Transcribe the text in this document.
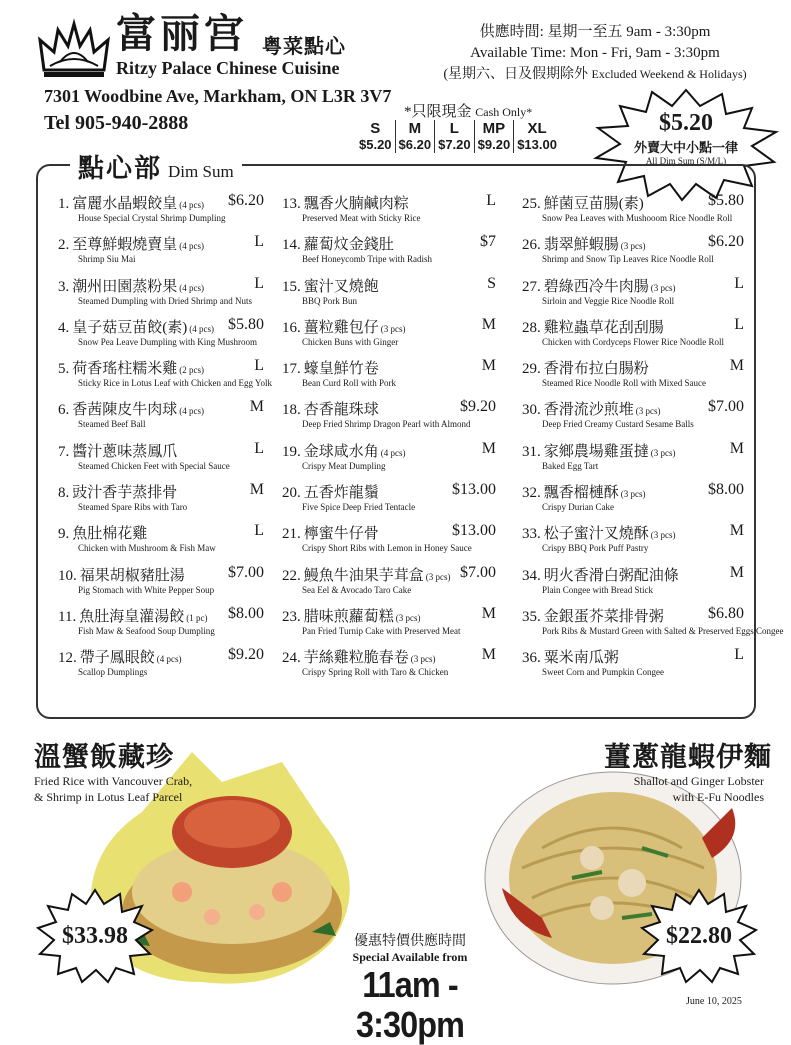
富丽宫 粤菜點心
Ritzy Palace Chinese Cuisine
7301 Woodbine Ave, Markham, ON L3R 3V7
Tel 905-940-2888
供應時間: 星期一至五 9am - 3:30pm
Available Time: Mon - Fri, 9am - 3:30pm
(星期六、日及假期除外 Excluded Weekend & Holidays)
*只限現金 Cash Only*
S
$5.20
M
$6.20
L
$7.20
MP
$9.20
XL
$13.00
$5.20
外賣大中小點一律
All Dim Sum (S/M/L)
點心部 Dim Sum
1. 富麗水晶蝦餃皇 (4 pcs) $6.20
House Special Crystal Shrimp Dumpling
2. 至尊鮮蝦燒賣皇 (4 pcs)	L
Shrimp Siu Mai
3. 潮州田園蒸粉果 (4 pcs)	L
Steamed Dumpling with Dried Shrimp and Nuts
4. 皇子菇豆苗餃(素) (4 pcs) $5.80
Snow Pea Leave Dumpling with King Mushroom
5. 荷香瑤柱糯米雞 (2 pcs)	L
Sticky Rice in Lotus Leaf with Chicken and Egg Yolk
6. 香茜陳皮牛肉球 (4 pcs)	M
Steamed Beef Ball
7. 醬汁蔥味蒸鳳爪	L
Steamed Chicken Feet with Special Sauce
8. 豉汁香芋蒸排骨	M
Steamed Spare Ribs with Taro
9. 魚肚棉花雞	L
Chicken with Mushroom & Fish Maw
10. 福果胡椒豬肚湯	$7.00
Pig Stomach with White Pepper Soup
11. 魚肚海皇灌湯餃 (1 pc) $8.00
Fish Maw & Seafood Soup Dumpling
12. 帶子鳳眼餃 (4 pcs)	$9.20
Scallop Dumplings
13. 飄香火腩鹹肉粽	L
Preserved Meat with Sticky Rice
14. 蘿蔔炆金錢肚	$7
Beef Honeycomb Tripe with Radish
15. 蜜汁叉燒飽	S
BBQ Pork Bun
16. 薑粒雞包仔 (3 pcs)	M
Chicken Buns with Ginger
17. 蠔皇鮮竹卷	M
Bean Curd Roll with Pork
18. 杏香龍珠球	$9.20
Deep Fried Shrimp Dragon Pearl with Almond
19. 金球咸水角 (4 pcs)	M
Crispy Meat Dumpling
20. 五香炸龍鬚	$13.00
Five Spice Deep Fried Tentacle
21. 檸蜜牛仔骨	$13.00
Crispy Short Ribs with Lemon in Honey Sauce
22. 鰻魚牛油果芋茸盒 (3 pcs) $7.00
Sea Eel & Avocado Taro Cake
23. 腊味煎蘿蔔糕 (3 pcs)	M
Pan Fried Turnip Cake with Preserved Meat
24. 芋絲雞粒脆春卷 (3 pcs)	M
Crispy Spring Roll with Taro & Chicken
25. 鮮菌豆苗腸(素)	$5.80
Snow Pea Leaves with Mushooom Rice Noodle Roll
26. 翡翠鮮蝦腸 (3 pcs)	$6.20
Shrimp and Snow Tip Leaves Rice Noodle Roll
27. 碧綠西冷牛肉腸 (3 pcs)	L
Sirloin and Veggie Rice Noodle Roll
28. 雞粒蟲草花刮刮腸	L
Chicken with Cordyceps Flower Rice Noodle Roll
29. 香滑布拉白腸粉	M
Steamed Rice Noodle Roll with Mixed Sauce
30. 香滑流沙煎堆 (3 pcs)	$7.00
Deep Fried Creamy Custard Sesame Balls
31. 家鄉農場雞蛋撻 (3 pcs)	M
Baked Egg Tart
32. 飄香榴槤酥 (3 pcs)	$8.00
Crispy Durian Cake
33. 松子蜜汁叉燒酥 (3 pcs)	M
Crispy BBQ Pork Puff Pastry
34. 明火香滑白粥配油條	M
Plain Congee with Bread Stick
35. 金銀蛋芥菜排骨粥	$6.80
Pork Ribs & Mustard Green with Salted & Preserved Eggs Congee
36. 粟米南瓜粥	L
Sweet Corn and Pumpkin Congee
溫蟹飯藏珍
Fried Rice with Vancouver Crab,
& Shrimp in Lotus Leaf Parcel
薑蔥龍蝦伊麵
Shallot and Ginger Lobster
with E-Fu Noodles
$33.98	$22.80
優惠特價供應時間
Special Available from
11am - 3:30pm
June 10, 2025
